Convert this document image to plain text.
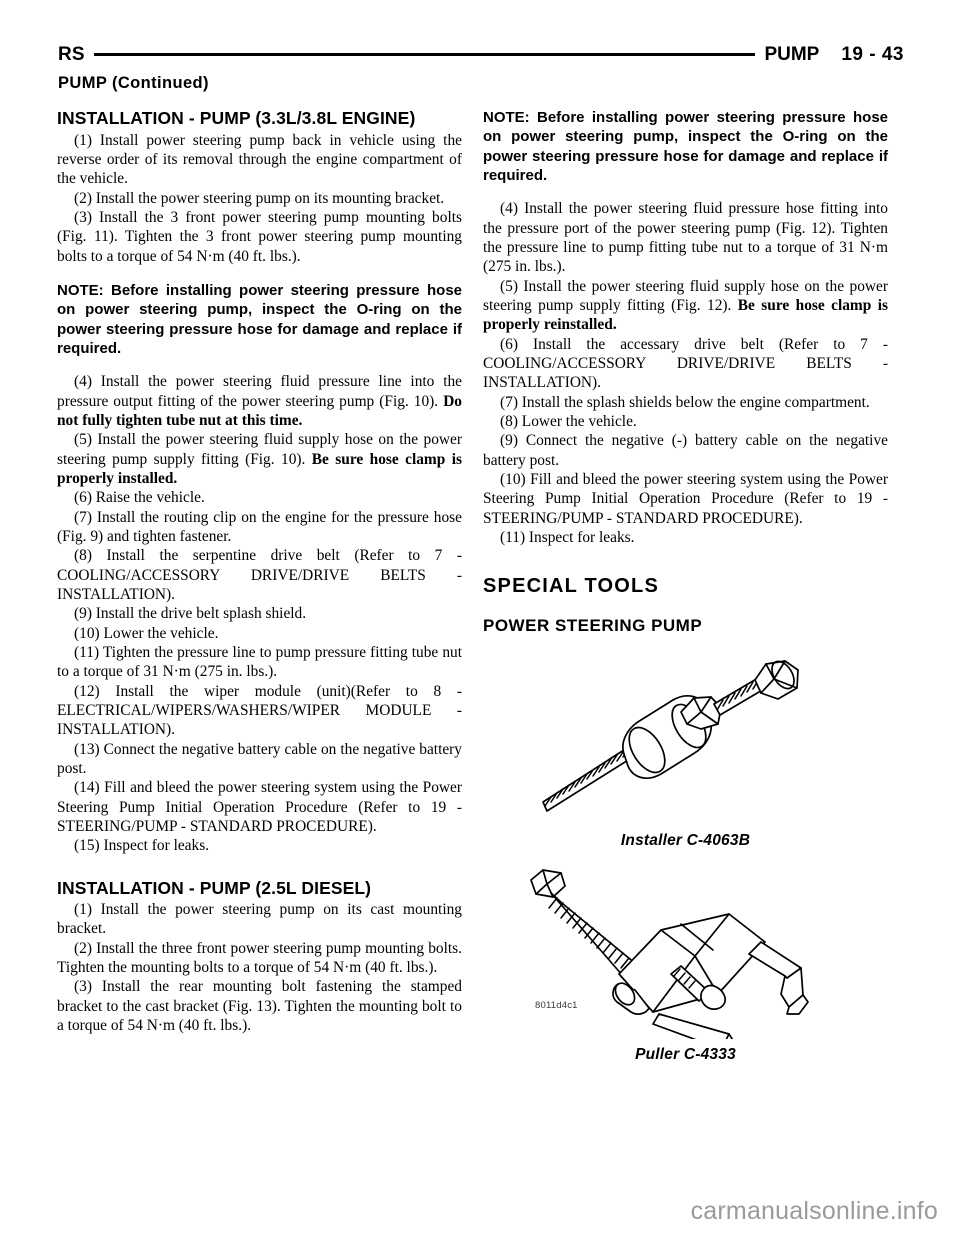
RS	PUMP 19 - 43
PUMP (Continued)
INSTALLATION - PUMP (3.3L/3.8L ENGINE)

(1) Install power steering pump back in vehicle using the reverse order of its removal through the engine compartment of the vehicle.

(2) Install the power steering pump on its mounting bracket.

(3) Install the 3 front power steering pump mounting bolts (Fig. 11). Tighten the 3 front power steering pump mounting bolts to a torque of 54 N·m (40 ft. lbs.).

NOTE: Before installing power steering pressure hose on power steering pump, inspect the O-ring on the power steering pressure hose for damage and replace if required.

(4) Install the power steering fluid pressure line into the pressure output fitting of the power steering pump (Fig. 10). Do not fully tighten tube nut at this time.

(5) Install the power steering fluid supply hose on the power steering pump supply fitting (Fig. 10). Be sure hose clamp is properly installed.

(6) Raise the vehicle.

(7) Install the routing clip on the engine for the pressure hose (Fig. 9) and tighten fastener.

(8) Install the serpentine drive belt (Refer to 7 - COOLING/ACCESSORY DRIVE/DRIVE BELTS - INSTALLATION).

(9) Install the drive belt splash shield.

(10) Lower the vehicle.

(11) Tighten the pressure line to pump pressure fitting tube nut to a torque of 31 N·m (275 in. lbs.).

(12) Install the wiper module (unit)(Refer to 8 - ELECTRICAL/WIPERS/WASHERS/WIPER MODULE - INSTALLATION).

(13) Connect the negative battery cable on the negative battery post.

(14) Fill and bleed the power steering system using the Power Steering Pump Initial Operation Procedure (Refer to 19 - STEERING/PUMP - STANDARD PROCEDURE).

(15) Inspect for leaks.

INSTALLATION - PUMP (2.5L DIESEL)

(1) Install the power steering pump on its cast mounting bracket.

(2) Install the three front power steering pump mounting bolts. Tighten the mounting bolts to a torque of 54 N·m (40 ft. lbs.).

(3) Install the rear mounting bolt fastening the stamped bracket to the cast bracket (Fig. 13). Tighten the mounting bolt to a torque of 54 N·m (40 ft. lbs.).

NOTE: Before installing power steering pressure hose on power steering pump, inspect the O-ring on the power steering pressure hose for damage and replace if required.

(4) Install the power steering fluid pressure hose fitting into the pressure port of the power steering pump (Fig. 12). Tighten the pressure line to pump fitting tube nut to a torque of 31 N·m (275 in. lbs.).

(5) Install the power steering fluid supply hose on the power steering pump supply fitting (Fig. 12). Be sure hose clamp is properly reinstalled.

(6) Install the accessary drive belt (Refer to 7 - COOLING/ACCESSORY DRIVE/DRIVE BELTS - INSTALLATION).

(7) Install the splash shields below the engine compartment.

(8) Lower the vehicle.

(9) Connect the negative (-) battery cable on the negative battery post.

(10) Fill and bleed the power steering system using the Power Steering Pump Initial Operation Procedure (Refer to 19 - STEERING/PUMP - STANDARD PROCEDURE).

(11) Inspect for leaks.

SPECIAL TOOLS
POWER STEERING PUMP
Installer C-4063B
8011d4c1
Puller C-4333
carmanualsonline.info
